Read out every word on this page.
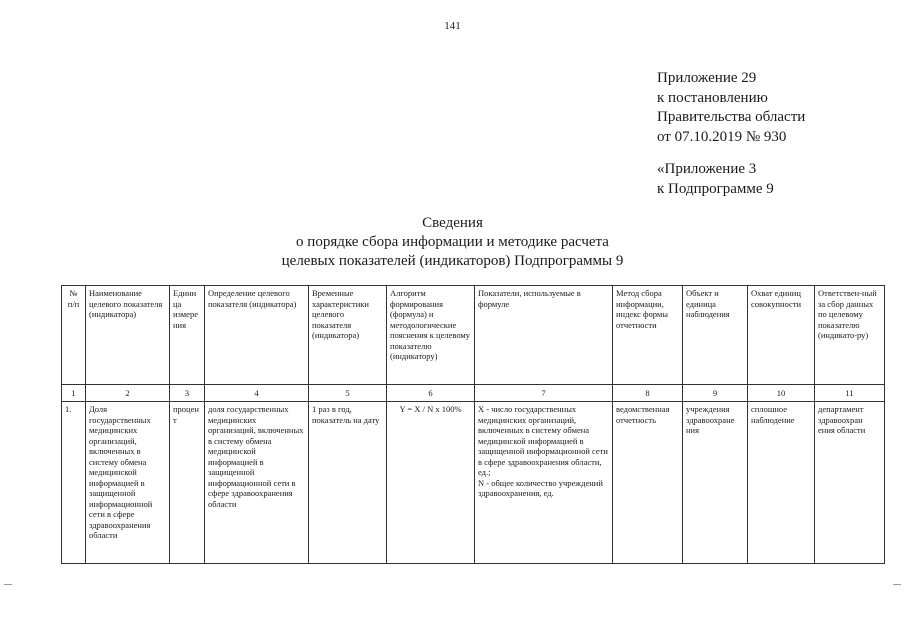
141
Приложение 29
к постановлению
Правительства области
от 07.10.2019 № 930
«Приложение 3
к Подпрограмме 9
Сведения
о порядке сбора информации и методике расчета
целевых показателей (индикаторов) Подпрограммы 9
№ п/п	Наименование целевого показателя (индикатора)	Едини ца измере ния	Определение целевого показателя (индикатора)	Временные характеристики целевого показателя (индикатора)	Алгоритм формирования (формула) и методологические пояснения к целевому показателю (индикатору)	Показатели, используемые в формуле	Метод сбора информации, индекс формы отчетности	Объект и единица наблюдения	Охват единиц совокупности	Ответствен-ный за сбор данных по целевому показателю (индикато-ру)
1	2	3	4	5	6	7	8	9	10	11
1.	Доля государственных медицинских организаций, включенных в систему обмена медицинской информацией в защищенной информационной сети в сфере здравоохранения области	процен т	доля государственных медицинских организаций, включенных в систему обмена медицинской информацией в защищенной информационной сети в сфере здравоохранения области	1 раз в год, показатель на дату	Y = X / N x 100%	X - число государственных медицинских организаций, включенных в систему обмена медицинской информацией в защищенной информационной сети в сфере здравоохранения области, ед.;
N - общее количество учреждений здравоохранения, ед.	ведомственная отчетность	учреждения здравоохране ния	сплошное наблюдение	департамент здравоохран ения области
